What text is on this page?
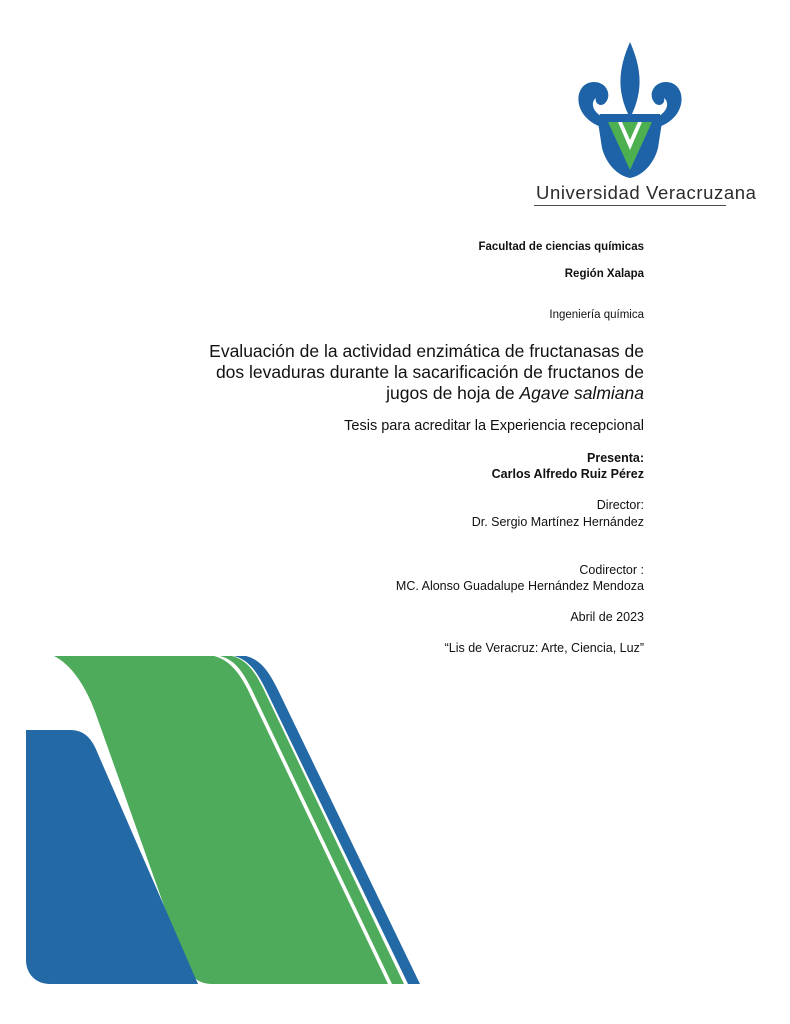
Universidad Veracruzana
Facultad de ciencias químicas
Región Xalapa
Ingeniería química
Evaluación de la actividad enzimática de fructanasas de dos levaduras durante la sacarificación de fructanos de jugos de hoja de Agave salmiana
Tesis para acreditar la Experiencia recepcional
Presenta:
Carlos Alfredo Ruiz Pérez
Director:
Dr. Sergio Martínez Hernández
Codirector :
MC. Alonso Guadalupe Hernández Mendoza
Abril de 2023
“Lis de Veracruz: Arte, Ciencia, Luz”
